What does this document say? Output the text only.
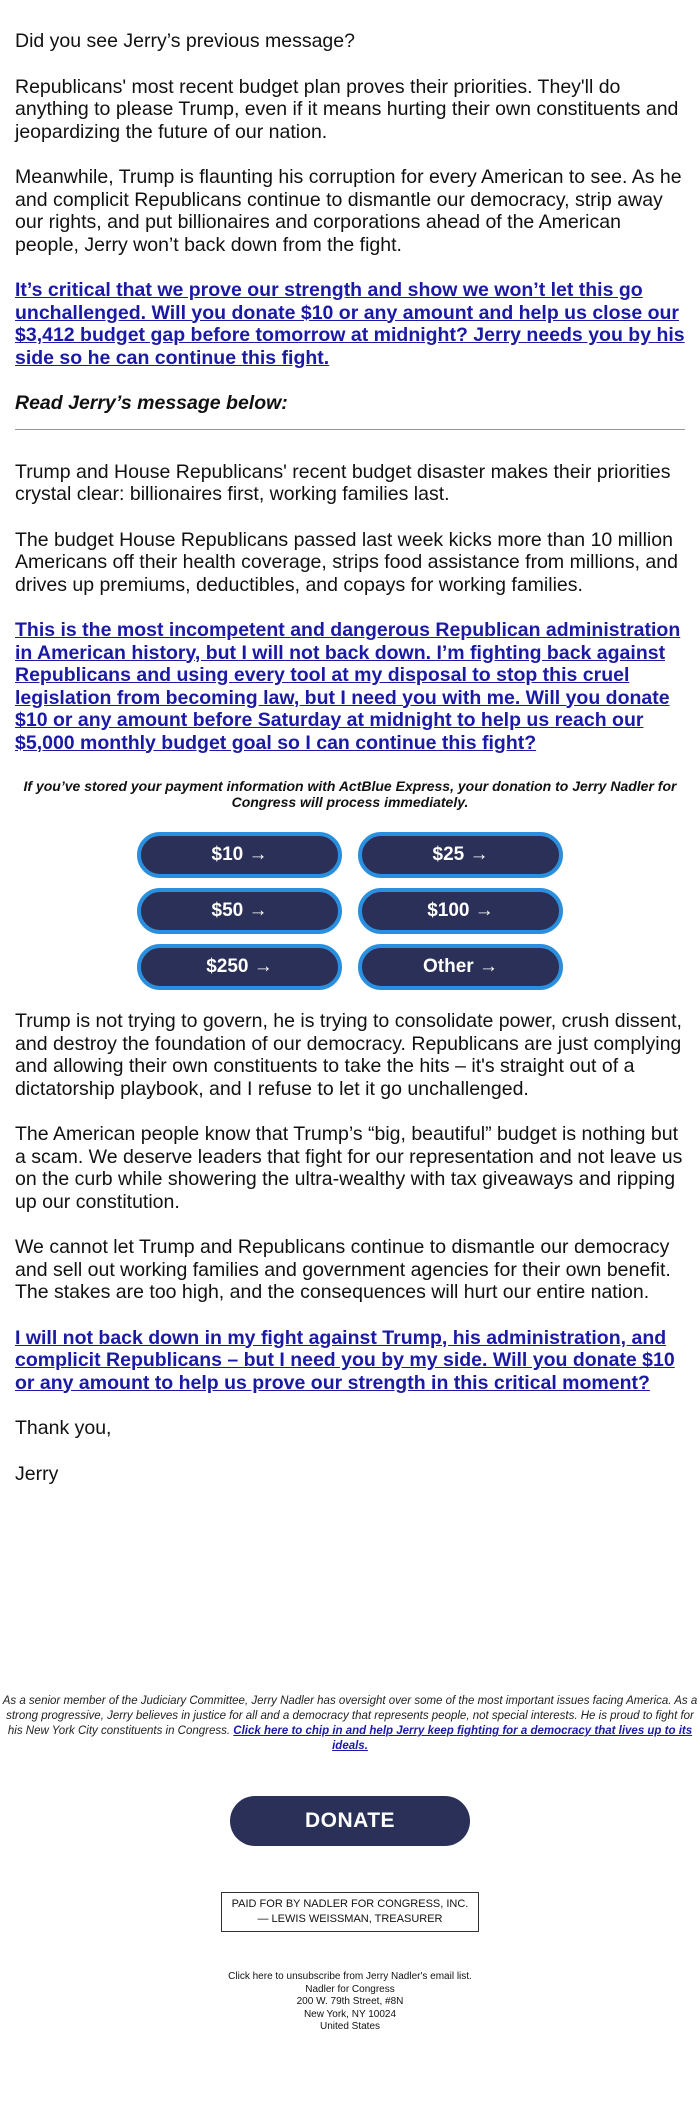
Did you see Jerry’s previous message?

Republicans' most recent budget plan proves their priorities. They'll do anything to please Trump, even if it means hurting their own constituents and jeopardizing the future of our nation.

Meanwhile, Trump is flaunting his corruption for every American to see. As he and complicit Republicans continue to dismantle our democracy, strip away our rights, and put billionaires and corporations ahead of the American people, Jerry won’t back down from the fight.

It’s critical that we prove our strength and show we won’t let this go unchallenged. Will you donate $10 or any amount and help us close our $3,412 budget gap before tomorrow at midnight? Jerry needs you by his side so he can continue this fight.

Read Jerry’s message below:

Trump and House Republicans' recent budget disaster makes their priorities crystal clear: billionaires first, working families last.

The budget House Republicans passed last week kicks more than 10 million Americans off their health coverage, strips food assistance from millions, and drives up premiums, deductibles, and copays for working families.

This is the most incompetent and dangerous Republican administration in American history, but I will not back down. I’m fighting back against Republicans and using every tool at my disposal to stop this cruel legislation from becoming law, but I need you with me. Will you donate $10 or any amount before Saturday at midnight to help us reach our $5,000 monthly budget goal so I can continue this fight?

If you’ve stored your payment information with ActBlue Express, your donation to Jerry Nadler for Congress will process immediately.
$10 →	$25 →
$50 →	$100 →
$250 →	Other →

Trump is not trying to govern, he is trying to consolidate power, crush dissent, and destroy the foundation of our democracy. Republicans are just complying and allowing their own constituents to take the hits – it's straight out of a dictatorship playbook, and I refuse to let it go unchallenged.

The American people know that Trump’s “big, beautiful” budget is nothing but a scam. We deserve leaders that fight for our representation and not leave us on the curb while showering the ultra-wealthy with tax giveaways and ripping up our constitution.

We cannot let Trump and Republicans continue to dismantle our democracy and sell out working families and government agencies for their own benefit. The stakes are too high, and the consequences will hurt our entire nation.

I will not back down in my fight against Trump, his administration, and complicit Republicans – but I need you by my side. Will you donate $10 or any amount to help us prove our strength in this critical moment?

Thank you,

Jerry

As a senior member of the Judiciary Committee, Jerry Nadler has oversight over some of the most important issues facing America. As a strong progressive, Jerry believes in justice for all and a democracy that represents people, not special interests. He is proud to fight for his New York City constituents in Congress. Click here to chip in and help Jerry keep fighting for a democracy that lives up to its ideals.
DONATE
PAID FOR BY NADLER FOR CONGRESS, INC.
— LEWIS WEISSMAN, TREASURER
Click here to unsubscribe from Jerry Nadler's email list.
Nadler for Congress
200 W. 79th Street, #8N
New York, NY 10024
United States
